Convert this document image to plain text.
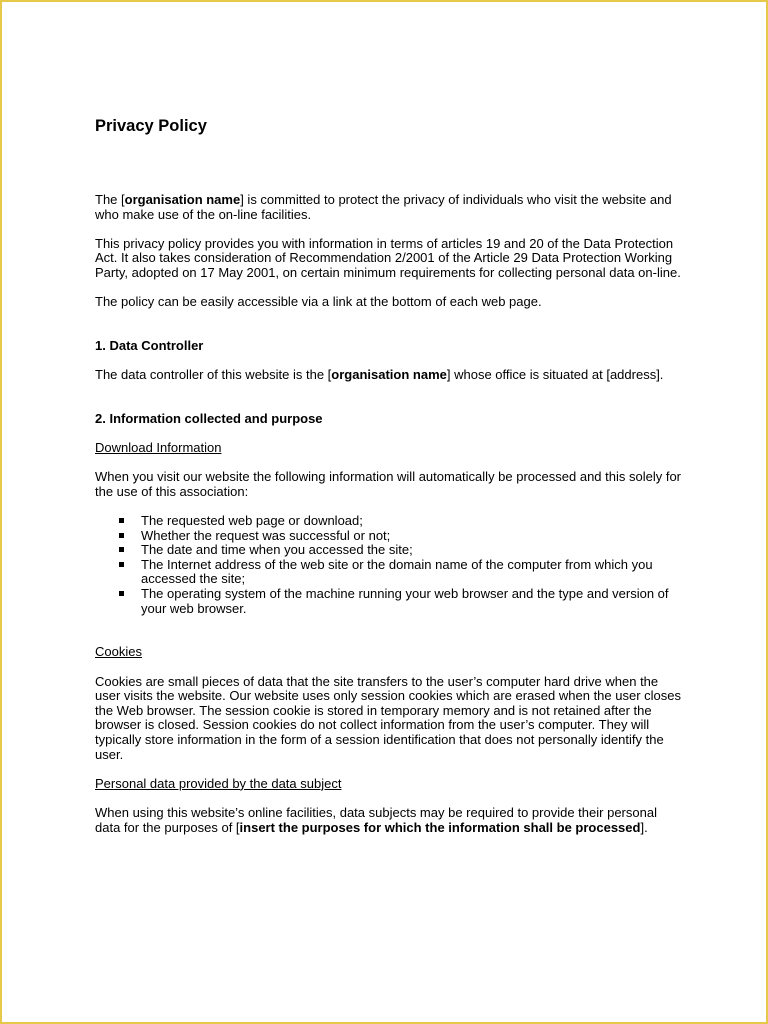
Privacy Policy

The [organisation name] is committed to protect the privacy of individuals who visit the website and who make use of the on-line facilities.

This privacy policy provides you with information in terms of articles 19 and 20 of the Data Protection Act. It also takes consideration of Recommendation 2/2001 of the Article 29 Data Protection Working Party, adopted on 17 May 2001, on certain minimum requirements for collecting personal data on-line.

The policy can be easily accessible via a link at the bottom of each web page.

1. Data Controller

The data controller of this website is the [organisation name] whose office is situated at [address].

2. Information collected and purpose
Download Information

When you visit our website the following information will automatically be processed and this solely for the use of this association:

The requested web page or download;
Whether the request was successful or not;
The date and time when you accessed the site;
The Internet address of the web site or the domain name of the computer from which you accessed the site;
The operating system of the machine running your web browser and the type and version of your web browser.
Cookies

Cookies are small pieces of data that the site transfers to the user’s computer hard drive when the user visits the website. Our website uses only session cookies which are erased when the user closes the Web browser. The session cookie is stored in temporary memory and is not retained after the browser is closed. Session cookies do not collect information from the user’s computer. They will typically store information in the form of a session identification that does not personally identify the user.

Personal data provided by the data subject

When using this website’s online facilities, data subjects may be required to provide their personal data for the purposes of [insert the purposes for which the information shall be processed].
